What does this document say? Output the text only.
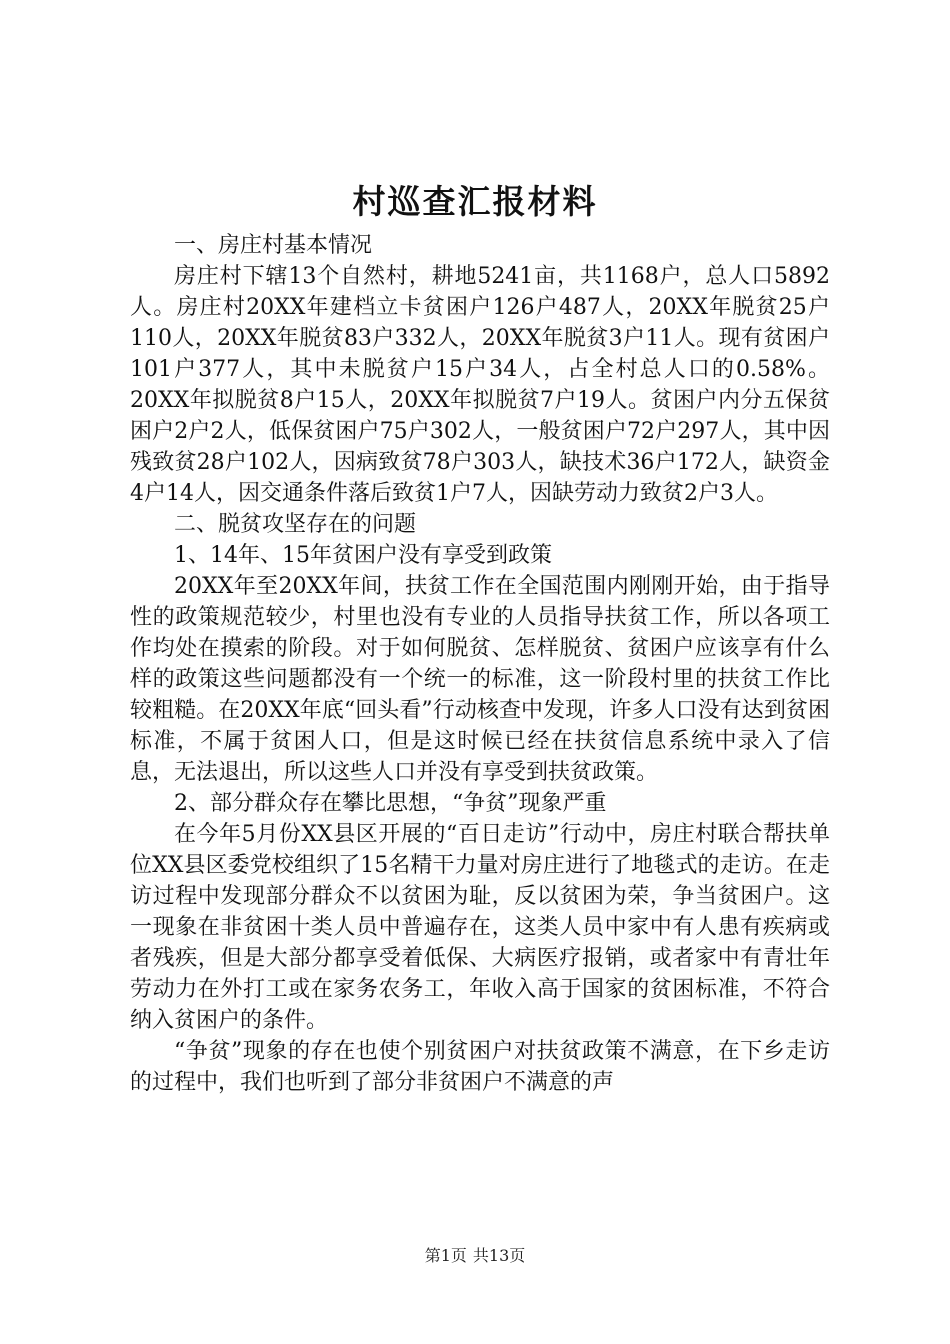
村巡查汇报材料

一、房庄村基本情况

房庄村下辖13个自然村，耕地5241亩，共1168户，总人口5892人。房庄村20XX年建档立卡贫困户126户487人，20XX年脱贫25户110人，20XX年脱贫83户332人，20XX年脱贫3户11人。现有贫困户101户377人，其中未脱贫户15户34人，占全村总人口的0.58%。20XX年拟脱贫8户15人，20XX年拟脱贫7户19人。贫困户内分五保贫困户2户2人，低保贫困户75户302人，一般贫困户72户297人，其中因残致贫28户102人，因病致贫78户303人，缺技术36户172人，缺资金4户14人，因交通条件落后致贫1户7人，因缺劳动力致贫2户3人。

二、脱贫攻坚存在的问题

1、14年、15年贫困户没有享受到政策

20XX年至20XX年间，扶贫工作在全国范围内刚刚开始，由于指导性的政策规范较少，村里也没有专业的人员指导扶贫工作，所以各项工作均处在摸索的阶段。对于如何脱贫、怎样脱贫、贫困户应该享有什么样的政策这些问题都没有一个统一的标准，这一阶段村里的扶贫工作比较粗糙。在20XX年底“回头看”行动核查中发现，许多人口没有达到贫困标准，不属于贫困人口，但是这时候已经在扶贫信息系统中录入了信息，无法退出，所以这些人口并没有享受到扶贫政策。

2、部分群众存在攀比思想，“争贫”现象严重

在今年5月份XX县区开展的“百日走访”行动中，房庄村联合帮扶单位XX县区委党校组织了15名精干力量对房庄进行了地毯式的走访。在走访过程中发现部分群众不以贫困为耻，反以贫困为荣，争当贫困户。这一现象在非贫困十类人员中普遍存在，这类人员中家中有人患有疾病或者残疾，但是大部分都享受着低保、大病医疗报销，或者家中有青壮年劳动力在外打工或在家务农务工，年收入高于国家的贫困标准，不符合纳入贫困户的条件。

“争贫”现象的存在也使个别贫困户对扶贫政策不满意，在下乡走访的过程中，我们也听到了部分非贫困户不满意的声

第1页 共13页
